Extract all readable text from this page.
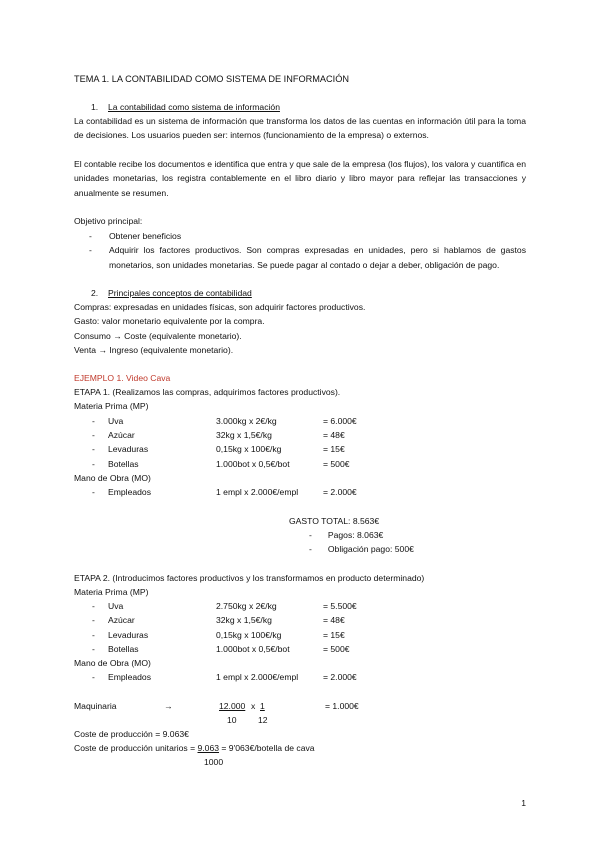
TEMA 1. LA CONTABILIDAD COMO SISTEMA DE INFORMACIÓN
1. La contabilidad como sistema de información
La contabilidad es un sistema de información que transforma los datos de las cuentas en información útil para la toma de decisiones. Los usuarios pueden ser: internos (funcionamiento de la empresa) o externos.
El contable recibe los documentos e identifica que entra y que sale de la empresa (los flujos), los valora y cuantifica en unidades monetarias, los registra contablemente en el libro diario y libro mayor para reflejar las transacciones y anualmente se resumen.
Objetivo principal:
- Obtener beneficios
- Adquirir los factores productivos. Son compras expresadas en unidades, pero si hablamos de gastos monetarios, son unidades monetarias. Se puede pagar al contado o dejar a deber, obligación de pago.
2. Principales conceptos de contabilidad
Compras: expresadas en unidades físicas, son adquirir factores productivos.
Gasto: valor monetario equivalente por la compra.
Consumo → Coste (equivalente monetario).
Venta → Ingreso (equivalente monetario).
EJEMPLO 1. Video Cava
ETAPA 1. (Realizamos las compras, adquirimos factores productivos).
Materia Prima (MP)
- Uva	3.000kg x 2€/kg	= 6.000€
- Azúcar	32kg x 1,5€/kg	= 48€
- Levaduras	0,15kg x 100€/kg	= 15€
- Botellas	1.000bot x 0,5€/bot	= 500€
Mano de Obra (MO)
- Empleados	1 empl x 2.000€/empl	= 2.000€
GASTO TOTAL: 8.563€
- Pagos: 8.063€
- Obligación pago: 500€
ETAPA 2. (Introducimos factores productivos y los transformamos en producto determinado)
Materia Prima (MP)
- Uva	2.750kg x 2€/kg	= 5.500€
- Azúcar	32kg x 1,5€/kg	= 48€
- Levaduras	0,15kg x 100€/kg	= 15€
- Botellas	1.000bot x 0,5€/bot	= 500€
Mano de Obra (MO)
- Empleados	1 empl x 2.000€/empl	= 2.000€
Maquinaria	→	12.000 x 1	= 1.000€
10 12
Coste de producción = 9.063€
Coste de producción unitarios = 9.063 = 9'063€/botella de cava
1000
1
